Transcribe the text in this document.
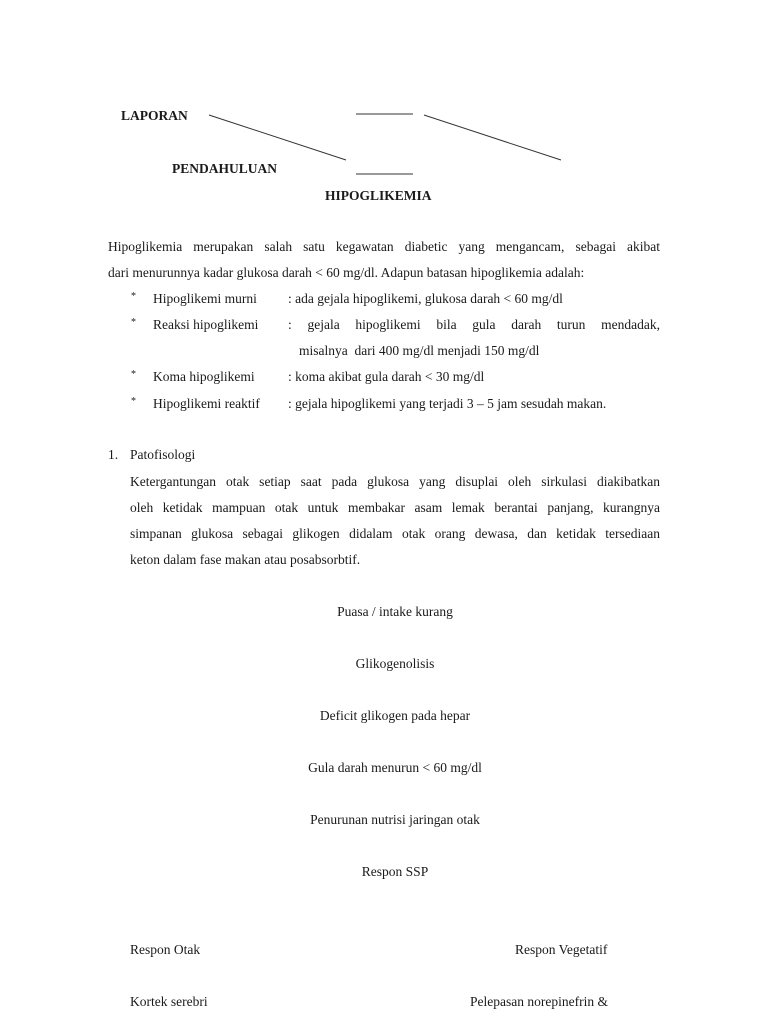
LAPORAN
PENDAHULUAN
HIPOGLIKEMIA
Hipoglikemia merupakan salah satu kegawatan diabetic yang mengancam, sebagai akibat
dari menurunnya kadar glukosa darah < 60 mg/dl. Adapun batasan hipoglikemia adalah:
* Hipoglikemi murni : ada gejala hipoglikemi, glukosa darah < 60 mg/dl
* Reaksi hipoglikemi :   gejala   hipoglikemi   bila   gula   darah   turun   mendadak,
misalnya  dari 400 mg/dl menjadi 150 mg/dl
* Koma hipoglikemi : koma akibat gula darah < 30 mg/dl
* Hipoglikemi reaktif : gejala hipoglikemi yang terjadi 3 – 5 jam sesudah makan.
1. Patofisologi
Ketergantungan otak setiap saat pada glukosa yang disuplai oleh sirkulasi diakibatkan
oleh ketidak mampuan otak untuk membakar asam lemak berantai panjang, kurangnya
simpanan glukosa sebagai glikogen didalam otak orang dewasa, dan ketidak tersediaan
keton dalam fase makan atau posabsorbtif.
Puasa / intake kurang
Glikogenolisis
Deficit glikogen pada hepar
Gula darah menurun < 60 mg/dl
Penurunan nutrisi jaringan otak
Respon SSP
Respon Otak	Respon Vegetatif
Kortek serebri	Pelepasan norepinefrin &
